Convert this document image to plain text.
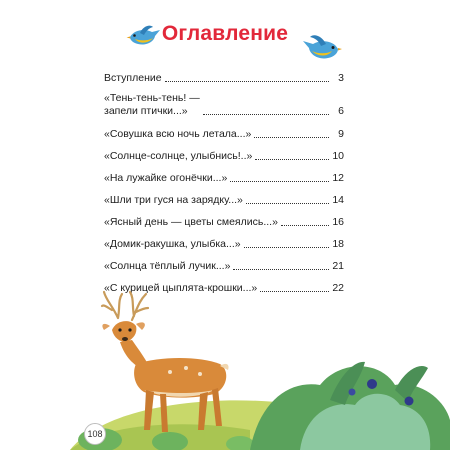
Оглавление
Вступление	3
«Тень-тень-тень! —
запели птички...»	6
«Совушка всю ночь летала...»	9
«Солнце-солнце, улыбнись!..»	10
«На лужайке огонёчки...»	12
«Шли три гуся на зарядку...»	14
«Ясный день — цветы смеялись...»	16
«Домик-ракушка, улыбка...»	18
«Солнца тёплый лучик...»	21
«С курицей цыплята-крошки...»	22
108
